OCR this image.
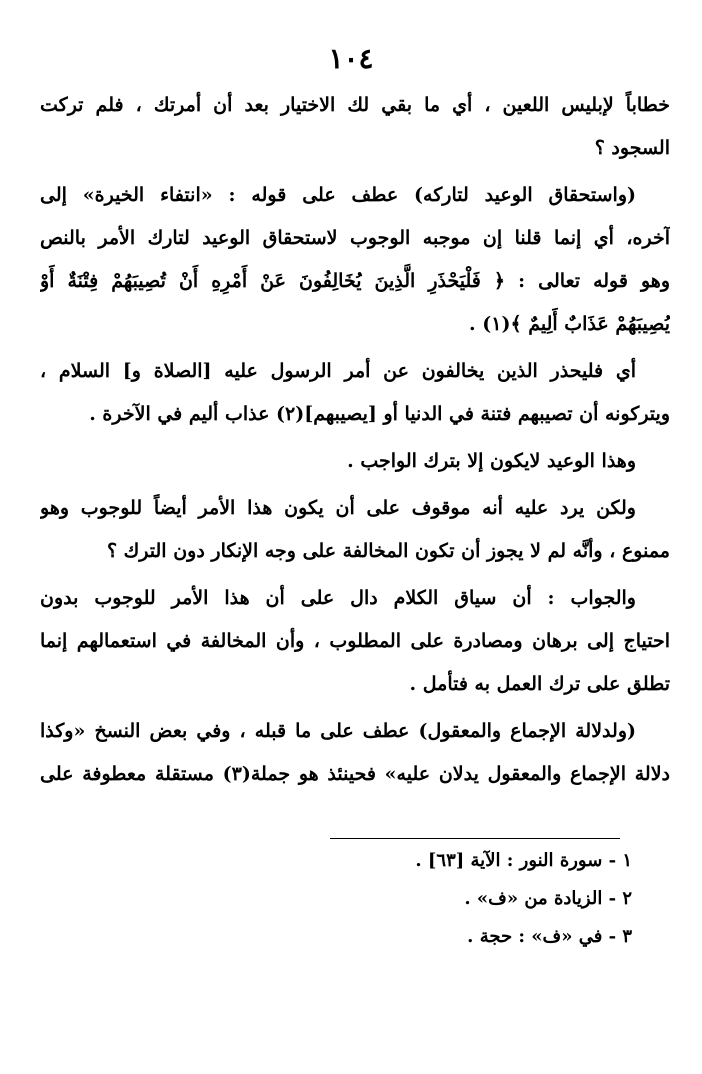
١٠٤
خطاباً لإبليس اللعين ، أي ما بقي لك الاختيار بعد أن أمرتك ، فلم تركت
السجود ؟
(واستحقاق الوعيد لتاركه) عطف على قوله : «انتفاء الخيرة» إلى
آخره، أي إنما قلنا إن موجبه الوجوب لاستحقاق الوعيد لتارك الأمر بالنص
وهو قوله تعالى : ﴿ فَلْيَحْذَرِ الَّذِينَ يُخَالِفُونَ عَنْ أَمْرِهِ أَنْ تُصِيبَهُمْ فِتْنَةٌ أَوْ
يُصِيبَهُمْ عَذَابٌ أَلِيمٌ ﴾(١) .
أي فليحذر الذين يخالفون عن أمر الرسول عليه [الصلاة و] السلام ،
ويتركونه أن تصيبهم فتنة في الدنيا أو [يصيبهم](٢) عذاب أليم في الآخرة .
وهذا الوعيد لايكون إلا بترك الواجب .
ولكن يرد عليه أنه موقوف على أن يكون هذا الأمر أيضاً للوجوب وهو
ممنوع ، وأنَّه لم لا يجوز أن تكون المخالفة على وجه الإنكار دون الترك ؟
والجواب : أن سياق الكلام دال على أن هذا الأمر للوجوب بدون
احتياج إلى برهان ومصادرة على المطلوب ، وأن المخالفة في استعمالهم إنما
تطلق على ترك العمل به فتأمل .
(ولدلالة الإجماع والمعقول) عطف على ما قبله ، وفي بعض النسخ «وكذا
دلالة الإجماع والمعقول يدلان عليه» فحينئذ هو جملة(٣) مستقلة معطوفة على
١ - سورة النور : الآية [٦٣] .
٢ - الزيادة من «ف» .
٣ - في «ف» : حجة .
